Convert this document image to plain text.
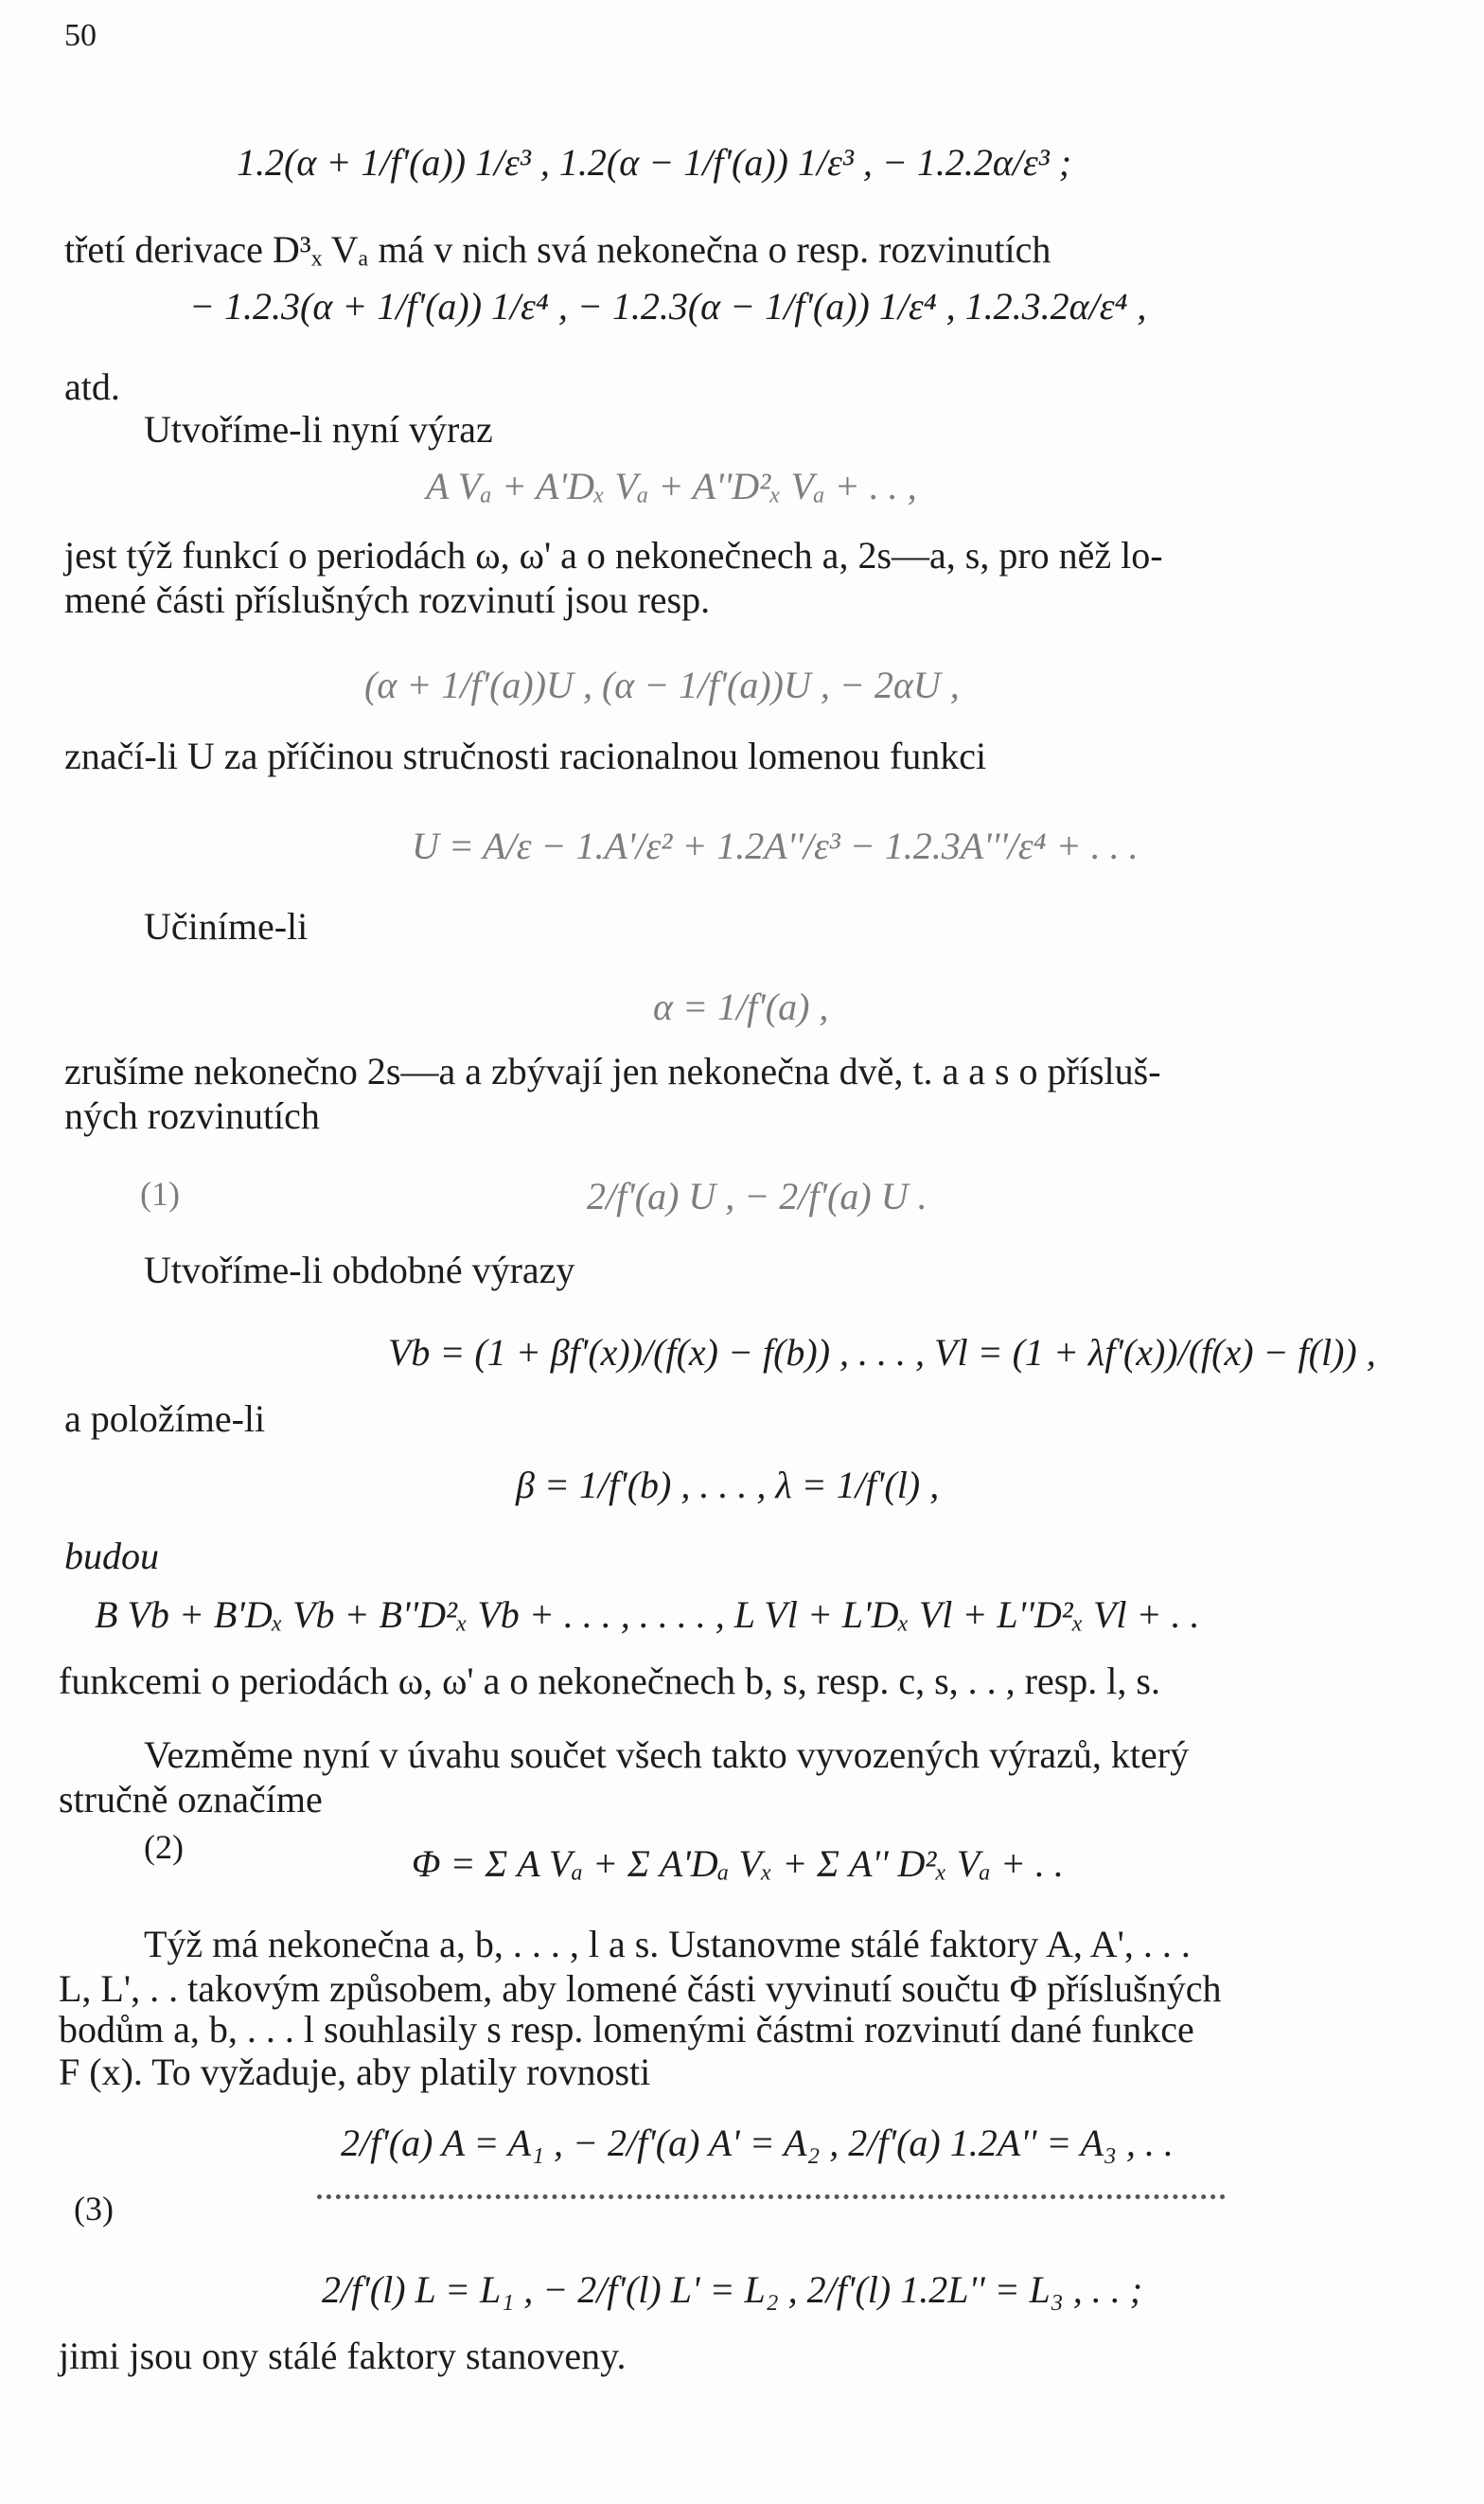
50
1.2(α + 1/f'(a)) 1/ε³ , 1.2(α − 1/f'(a)) 1/ε³ , − 1.2.2α/ε³ ;
třetí derivace D³ₓ Vₐ má v nich svá nekonečna o resp. rozvinutích
− 1.2.3(α + 1/f'(a)) 1/ε⁴ , − 1.2.3(α − 1/f'(a)) 1/ε⁴ , 1.2.3.2α/ε⁴ ,
atd.
Utvoříme-li nyní výraz
A Vₐ + A'Dₓ Vₐ + A''D²ₓ Vₐ + . . ,
jest týž funkcí o periodách ω, ω' a o nekonečnech a, 2s—a, s, pro něž lo-
mené části příslušných rozvinutí jsou resp.
(α + 1/f'(a))U , (α − 1/f'(a))U , − 2αU ,
značí-li U za příčinou stručnosti racionalnou lomenou funkci
U = A/ε − 1.A'/ε² + 1.2A''/ε³ − 1.2.3A'''/ε⁴ + . . .
Učiníme-li
α = 1/f'(a) ,
zrušíme nekonečno 2s—a a zbývají jen nekonečna dvě, t. a a s o přísluš-
ných rozvinutích
(1)	2/f'(a) U , − 2/f'(a) U .
Utvoříme-li obdobné výrazy
Vb = (1 + βf'(x))/(f(x) − f(b)) , . . . , Vl = (1 + λf'(x))/(f(x) − f(l)) ,
a položíme-li
β = 1/f'(b) , . . . , λ = 1/f'(l) ,
budou
B Vb + B'Dₓ Vb + B''D²ₓ Vb + . . . , . . . . , L Vl + L'Dₓ Vl + L''D²ₓ Vl + . .
funkcemi o periodách ω, ω' a o nekonečnech b, s, resp. c, s, . . , resp. l, s.
Vezměme nyní v úvahu součet všech takto vyvozených výrazů, který
stručně označíme
(2)	Φ = Σ A Vₐ + Σ A'Dₐ Vₓ + Σ A'' D²ₓ Vₐ + . .
Týž má nekonečna a, b, . . . , l a s. Ustanovme stálé faktory A, A', . . .
L, L', . . takovým způsobem, aby lomené části vyvinutí součtu Φ příslušných
bodům a, b, . . . l souhlasily s resp. lomenými částmi rozvinutí dané funkce
F (x). To vyžaduje, aby platily rovnosti
2/f'(a) A = A₁ , − 2/f'(a) A' = A₂ , 2/f'(a) 1.2A'' = A₃ , . .
(3)
2/f'(l) L = L₁ , − 2/f'(l) L' = L₂ , 2/f'(l) 1.2L'' = L₃ , . . ;
jimi jsou ony stálé faktory stanoveny.
